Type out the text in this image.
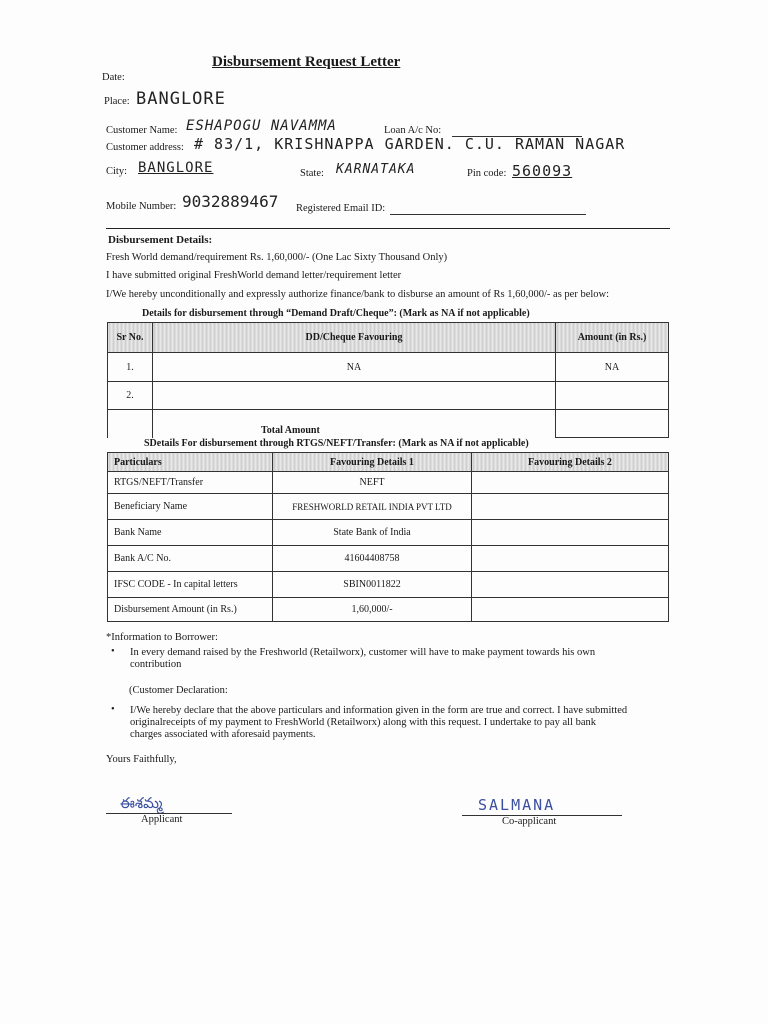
Disbursement Request Letter
Date:
Place: BANGLORE
Customer Name: ESHAPOGU NAVAMMA	Loan A/c No:
Customer address: # 83/1, KRISHNAPPA GARDEN. C.U. RAMAN NAGAR
City: BANGLORE	State: KARNATAKA	Pin code: 560093
Mobile Number: 9032889467 Registered Email ID:
Disbursement Details:
Fresh World demand/requirement Rs. 1,60,000/- (One Lac Sixty Thousand Only)
I have submitted original FreshWorld demand letter/requirement letter
I/We hereby unconditionally and expressly authorize finance/bank to disburse an amount of Rs 1,60,000/- as per below:
Details for disbursement through “Demand Draft/Cheque”: (Mark as NA if not applicable)
Sr No.	DD/Cheque Favouring	Amount (in Rs.)
1.	NA	NA
2.		
	Total Amount	
SDetails For disbursement through RTGS/NEFT/Transfer: (Mark as NA if not applicable)
Particulars	Favouring Details 1	Favouring Details 2
RTGS/NEFT/Transfer	NEFT	
Beneficiary Name	FRESHWORLD RETAIL INDIA PVT LTD	
Bank Name	State Bank of India	
Bank A/C No.	41604408758	
IFSC CODE - In capital letters	SBIN0011822	
Disbursement Amount (in Rs.)	1,60,000/-	
*Information to Borrower:
• In every demand raised by the Freshworld (Retailworx), customer will have to make payment towards his own contribution
(Customer Declaration:
• I/We hereby declare that the above particulars and information given in the form are true and correct. I have submitted originalreceipts of my payment to FreshWorld (Retailworx) along with this request. I undertake to pay all bank charges associated with aforesaid payments.
Yours Faithfully,
ఈశమ్మ
Applicant
SALMANA
Co-applicant
